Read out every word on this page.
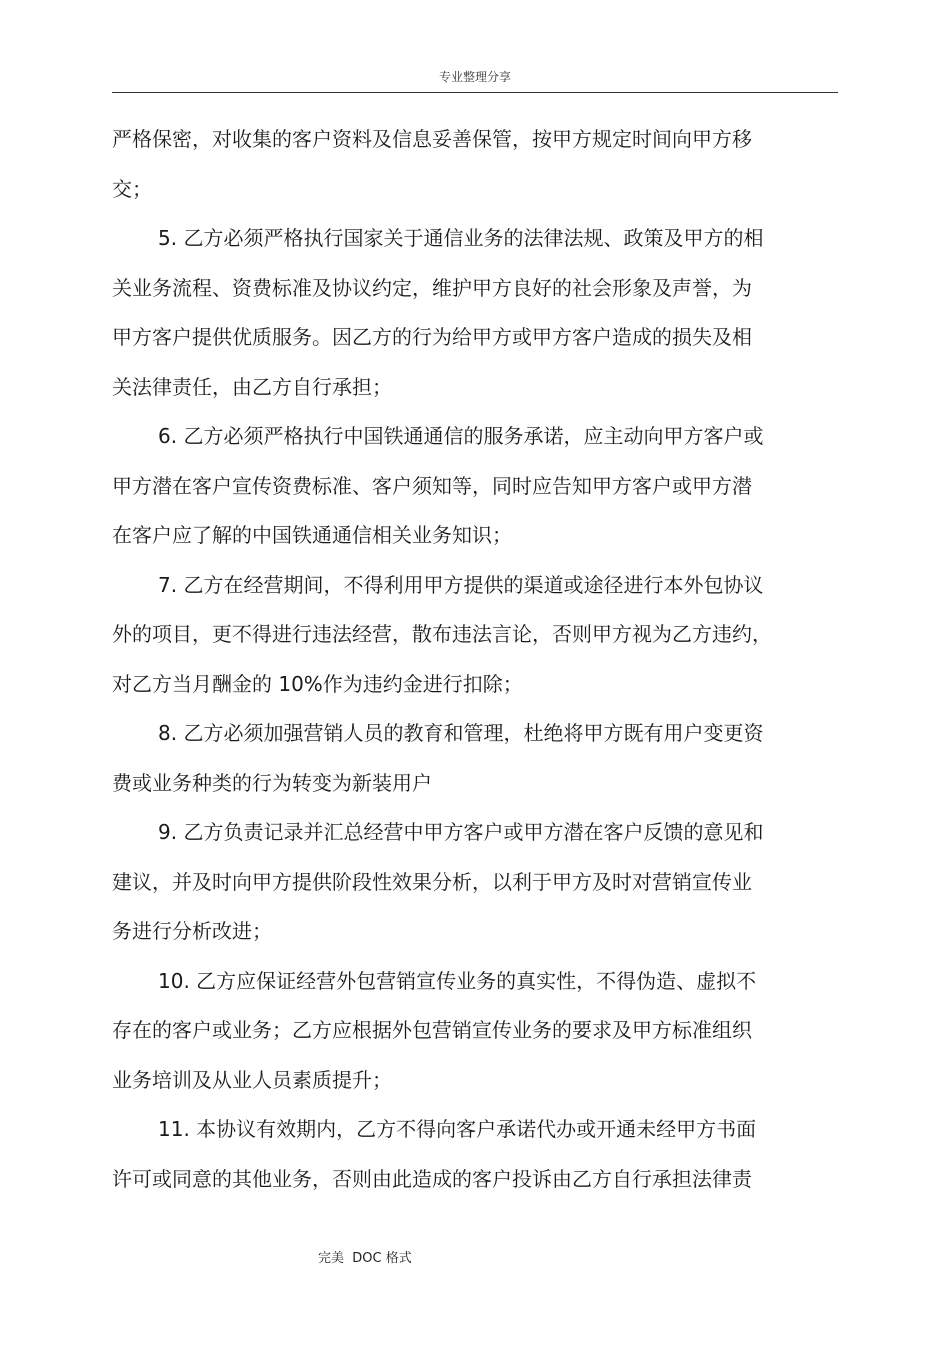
专业整理分享
严格保密，对收集的客户资料及信息妥善保管，按甲方规定时间向甲方移
交；
5. 乙方必须严格执行国家关于通信业务的法律法规、政策及甲方的相
关业务流程、资费标准及协议约定，维护甲方良好的社会形象及声誉，为
甲方客户提供优质服务。因乙方的行为给甲方或甲方客户造成的损失及相
关法律责任，由乙方自行承担；
6. 乙方必须严格执行中国铁通通信的服务承诺，应主动向甲方客户或
甲方潜在客户宣传资费标准、客户须知等，同时应告知甲方客户或甲方潜
在客户应了解的中国铁通通信相关业务知识；
7. 乙方在经营期间，不得利用甲方提供的渠道或途径进行本外包协议
外的项目，更不得进行违法经营，散布违法言论，否则甲方视为乙方违约，
对乙方当月酬金的 10%作为违约金进行扣除；
8. 乙方必须加强营销人员的教育和管理，杜绝将甲方既有用户变更资
费或业务种类的行为转变为新装用户
9. 乙方负责记录并汇总经营中甲方客户或甲方潜在客户反馈的意见和
建议，并及时向甲方提供阶段性效果分析，以利于甲方及时对营销宣传业
务进行分析改进；
10. 乙方应保证经营外包营销宣传业务的真实性，不得伪造、虚拟不
存在的客户或业务；乙方应根据外包营销宣传业务的要求及甲方标准组织
业务培训及从业人员素质提升；
11. 本协议有效期内，乙方不得向客户承诺代办或开通未经甲方书面
许可或同意的其他业务，否则由此造成的客户投诉由乙方自行承担法律责
完美  DOC 格式
